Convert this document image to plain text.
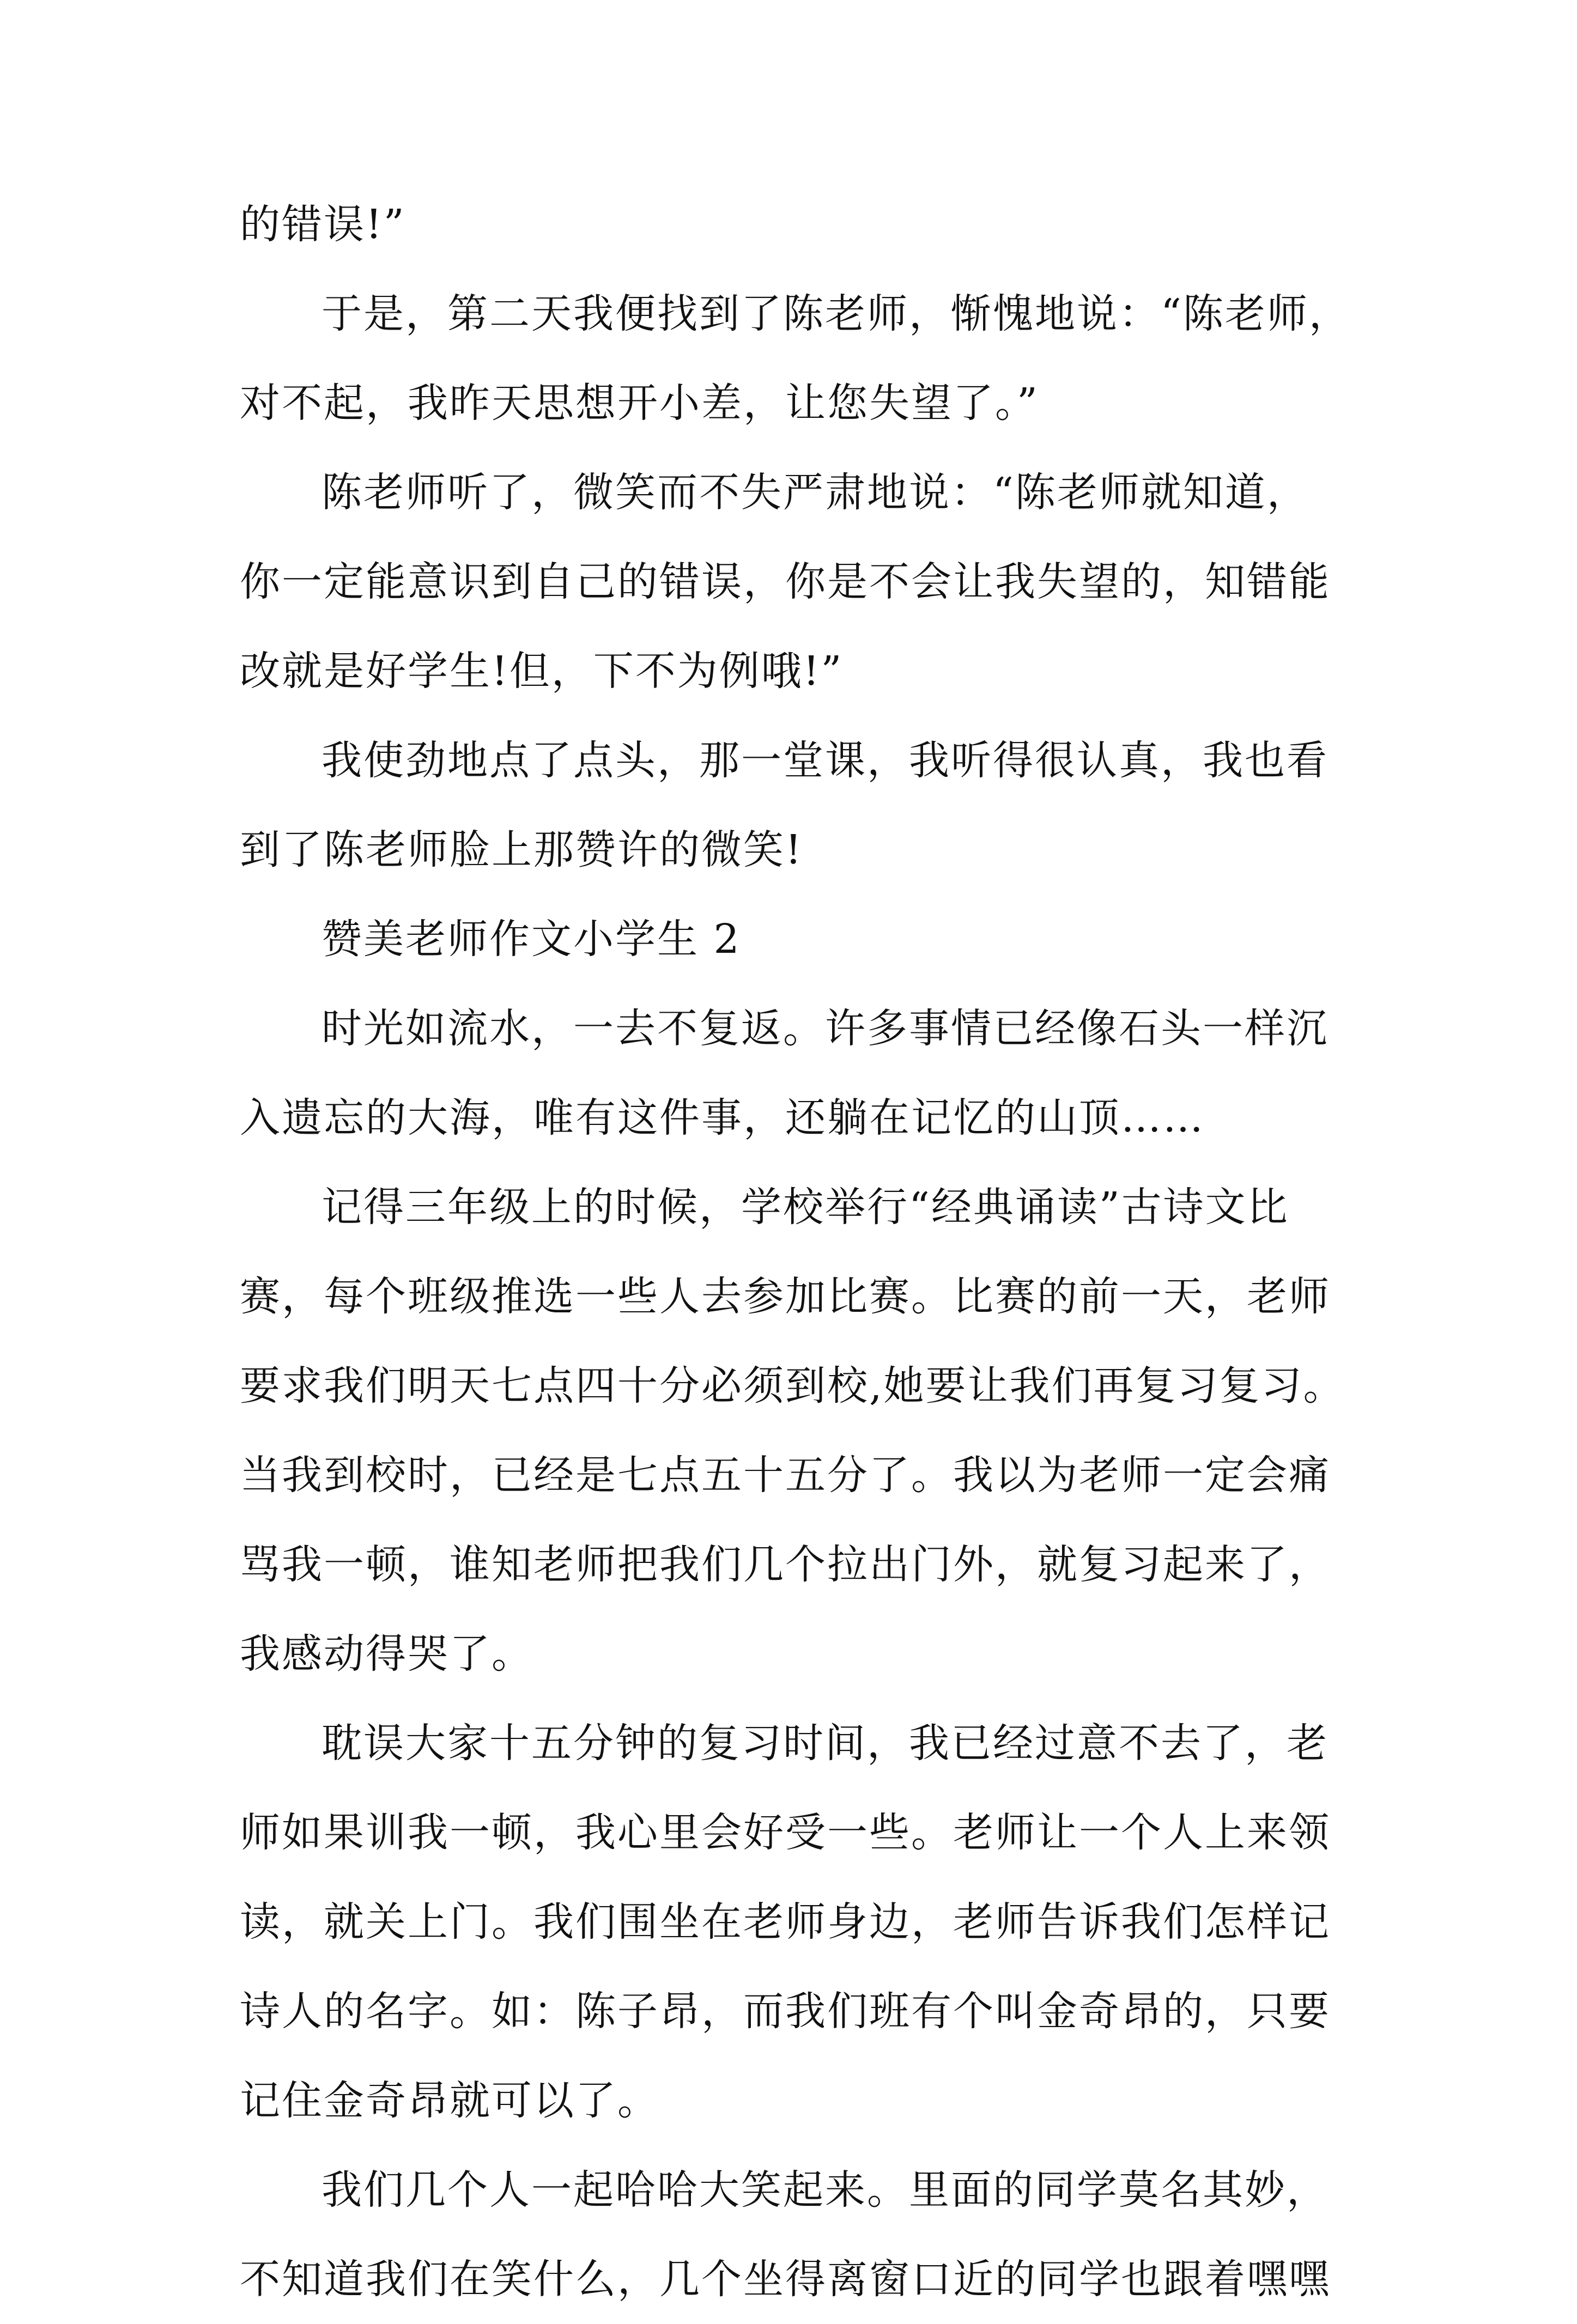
的错误!”
于是，第二天我便找到了陈老师，惭愧地说：“陈老师，
对不起，我昨天思想开小差，让您失望了。”
陈老师听了，微笑而不失严肃地说：“陈老师就知道，
你一定能意识到自己的错误，你是不会让我失望的，知错能
改就是好学生!但，下不为例哦!”
我使劲地点了点头，那一堂课，我听得很认真，我也看
到了陈老师脸上那赞许的微笑!
赞美老师作文小学生 2
时光如流水，一去不复返。许多事情已经像石头一样沉
入遗忘的大海，唯有这件事，还躺在记忆的山顶……
记得三年级上的时候，学校举行“经典诵读”古诗文比
赛，每个班级推选一些人去参加比赛。比赛的前一天，老师
要求我们明天七点四十分必须到校,她要让我们再复习复习。
当我到校时，已经是七点五十五分了。我以为老师一定会痛
骂我一顿，谁知老师把我们几个拉出门外，就复习起来了，
我感动得哭了。
耽误大家十五分钟的复习时间，我已经过意不去了，老
师如果训我一顿，我心里会好受一些。老师让一个人上来领
读，就关上门。我们围坐在老师身边，老师告诉我们怎样记
诗人的名字。如：陈子昂，而我们班有个叫金奇昂的，只要
记住金奇昂就可以了。
我们几个人一起哈哈大笑起来。里面的同学莫名其妙，
不知道我们在笑什么，几个坐得离窗口近的同学也跟着嘿嘿
